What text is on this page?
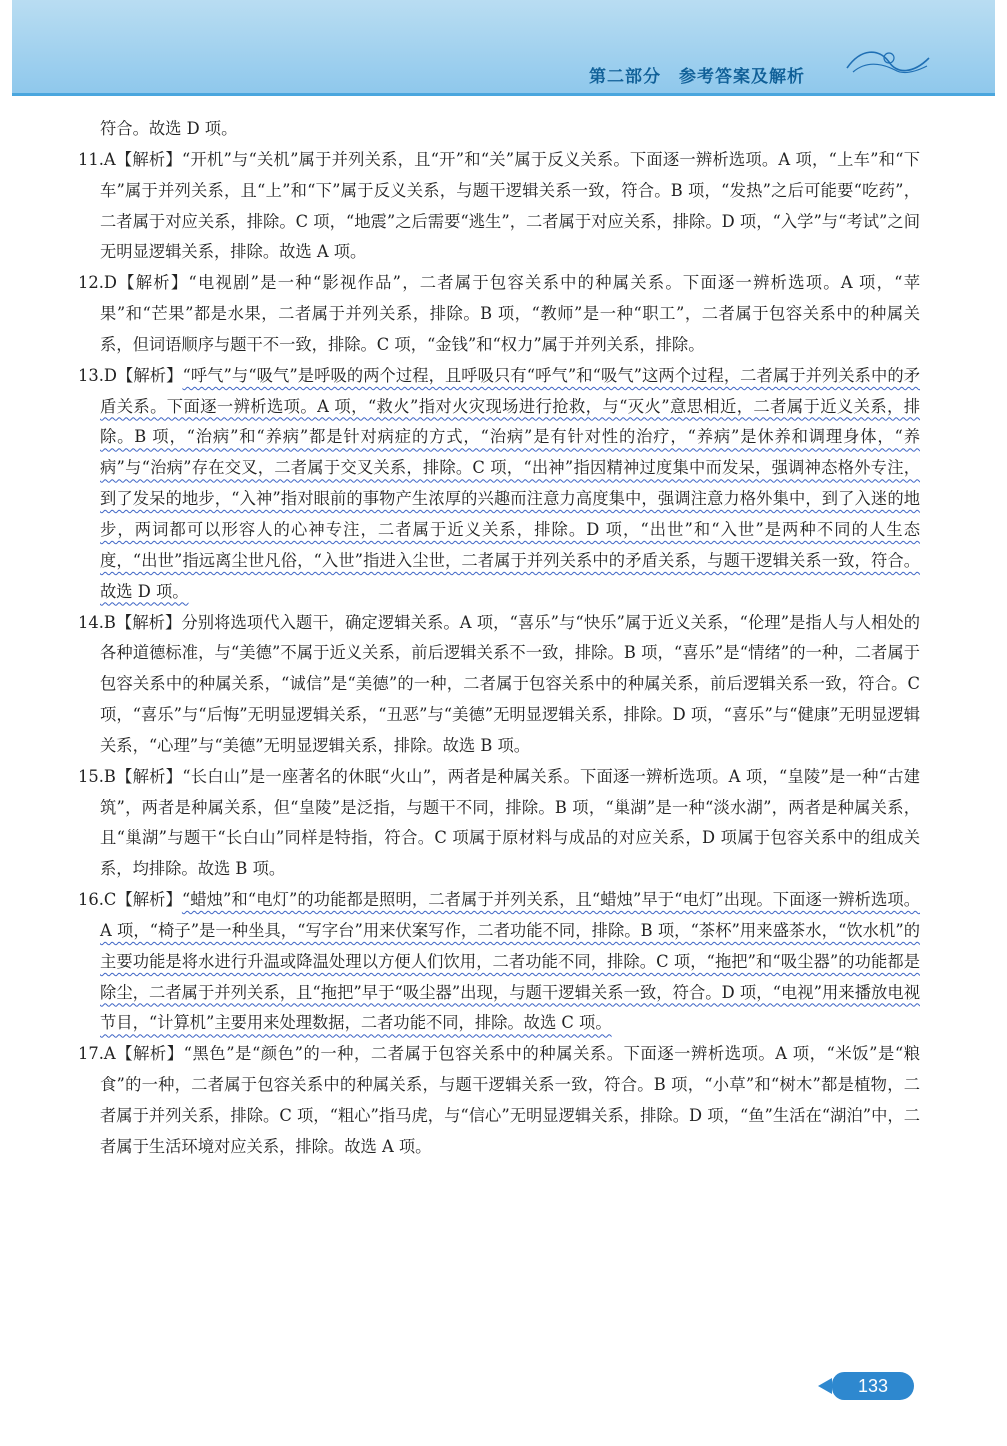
第二部分 参考答案及解析

符合。故选 D 项。

11.A【解析】“开机”与“关机”属于并列关系，且“开”和“关”属于反义关系。下面逐一辨析选项。A 项，“上车”和“下车”属于并列关系，且“上”和“下”属于反义关系，与题干逻辑关系一致，符合。B 项，“发热”之后可能要“吃药”，二者属于对应关系，排除。C 项，“地震”之后需要“逃生”，二者属于对应关系，排除。D 项，“入学”与“考试”之间无明显逻辑关系，排除。故选 A 项。

12.D【解析】“电视剧”是一种“影视作品”，二者属于包容关系中的种属关系。下面逐一辨析选项。A 项，“苹果”和“芒果”都是水果，二者属于并列关系，排除。B 项，“教师”是一种“职工”，二者属于包容关系中的种属关系，但词语顺序与题干不一致，排除。C 项，“金钱”和“权力”属于并列关系，排除。

13.D【解析】“呼气”与“吸气”是呼吸的两个过程，且呼吸只有“呼气”和“吸气”这两个过程，二者属于并列关系中的矛盾关系。下面逐一辨析选项。A 项，“救火”指对火灾现场进行抢救，与“灭火”意思相近，二者属于近义关系，排除。B 项，“治病”和“养病”都是针对病症的方式，“治病”是有针对性的治疗，“养病”是休养和调理身体，“养病”与“治病”存在交叉，二者属于交叉关系，排除。C 项，“出神”指因精神过度集中而发呆，强调神态格外专注，到了发呆的地步，“入神”指对眼前的事物产生浓厚的兴趣而注意力高度集中，强调注意力格外集中，到了入迷的地步，两词都可以形容人的心神专注，二者属于近义关系，排除。D 项，“出世”和“入世”是两种不同的人生态度，“出世”指远离尘世凡俗，“入世”指进入尘世，二者属于并列关系中的矛盾关系，与题干逻辑关系一致，符合。故选 D 项。

14.B【解析】分别将选项代入题干，确定逻辑关系。A 项，“喜乐”与“快乐”属于近义关系，“伦理”是指人与人相处的各种道德标准，与“美德”不属于近义关系，前后逻辑关系不一致，排除。B 项，“喜乐”是“情绪”的一种，二者属于包容关系中的种属关系，“诚信”是“美德”的一种，二者属于包容关系中的种属关系，前后逻辑关系一致，符合。C 项，“喜乐”与“后悔”无明显逻辑关系，“丑恶”与“美德”无明显逻辑关系，排除。D 项，“喜乐”与“健康”无明显逻辑关系，“心理”与“美德”无明显逻辑关系，排除。故选 B 项。

15.B【解析】“长白山”是一座著名的休眠“火山”，两者是种属关系。下面逐一辨析选项。A 项，“皇陵”是一种“古建筑”，两者是种属关系，但“皇陵”是泛指，与题干不同，排除。B 项，“巢湖”是一种“淡水湖”，两者是种属关系，且“巢湖”与题干“长白山”同样是特指，符合。C 项属于原材料与成品的对应关系，D 项属于包容关系中的组成关系，均排除。故选 B 项。

16.C【解析】“蜡烛”和“电灯”的功能都是照明，二者属于并列关系，且“蜡烛”早于“电灯”出现。下面逐一辨析选项。A 项，“椅子”是一种坐具，“写字台”用来伏案写作，二者功能不同，排除。B 项，“茶杯”用来盛茶水，“饮水机”的主要功能是将水进行升温或降温处理以方便人们饮用，二者功能不同，排除。C 项，“拖把”和“吸尘器”的功能都是除尘，二者属于并列关系，且“拖把”早于“吸尘器”出现，与题干逻辑关系一致，符合。D 项，“电视”用来播放电视节目，“计算机”主要用来处理数据，二者功能不同，排除。故选 C 项。

17.A【解析】“黑色”是“颜色”的一种，二者属于包容关系中的种属关系。下面逐一辨析选项。A 项，“米饭”是“粮食”的一种，二者属于包容关系中的种属关系，与题干逻辑关系一致，符合。B 项，“小草”和“树木”都是植物，二者属于并列关系，排除。C 项，“粗心”指马虎，与“信心”无明显逻辑关系，排除。D 项，“鱼”生活在“湖泊”中，二者属于生活环境对应关系，排除。故选 A 项。

133
